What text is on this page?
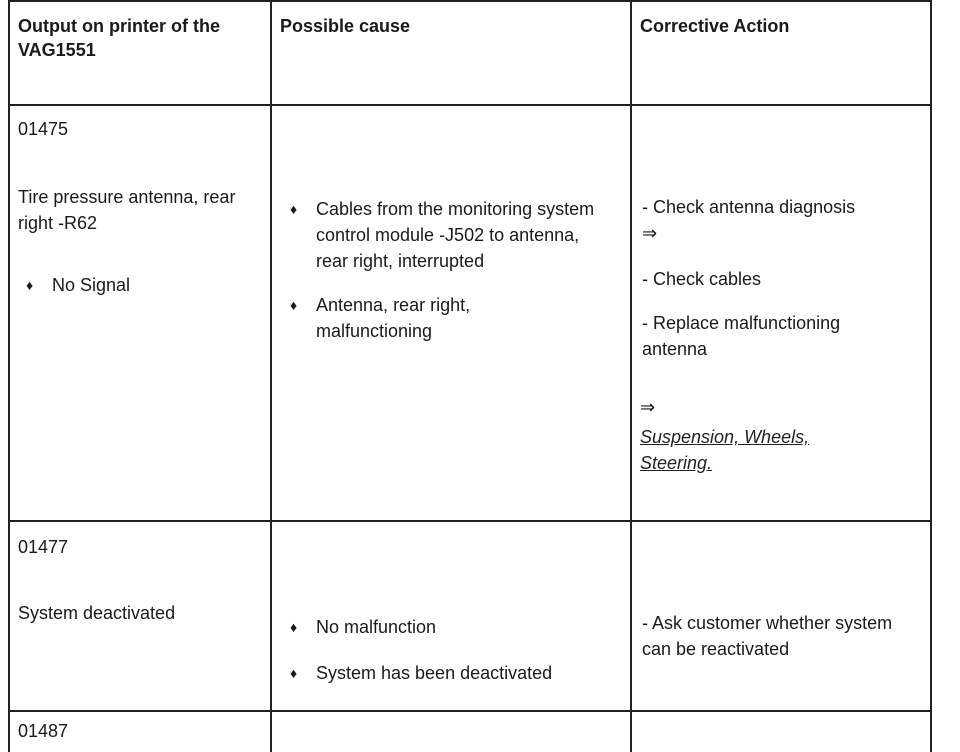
Output on printer of the VAG1551
Possible cause	Corrective Action
01475
Tire pressure antenna, rear right -R62
♦ No Signal
♦ Cables from the monitoring system control module -J502 to antenna, rear right, interrupted
♦ Antenna, rear right, malfunctioning
- Check antenna diagnosis
⇒
- Check cables
- Replace malfunctioning antenna
⇒
Suspension, Wheels, Steering.
01477
System deactivated
♦ No malfunction
♦ System has been deactivated
- Ask customer whether system can be reactivated
01487
